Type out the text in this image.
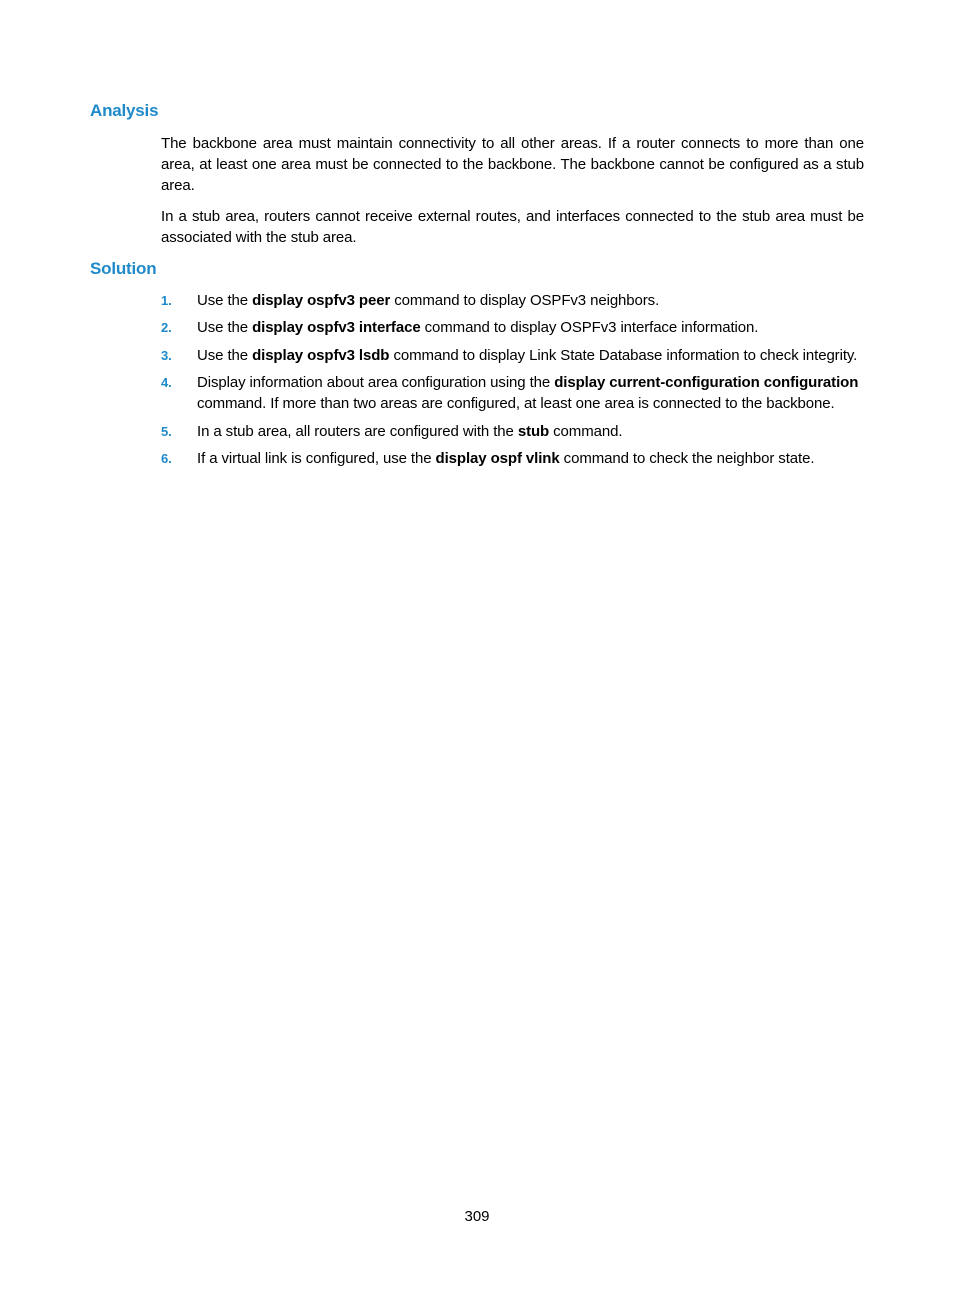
Analysis

The backbone area must maintain connectivity to all other areas. If a router connects to more than one area, at least one area must be connected to the backbone. The backbone cannot be configured as a stub area.

In a stub area, routers cannot receive external routes, and interfaces connected to the stub area must be associated with the stub area.

Solution
1. Use the display ospfv3 peer command to display OSPFv3 neighbors.
2. Use the display ospfv3 interface command to display OSPFv3 interface information.
3. Use the display ospfv3 lsdb command to display Link State Database information to check integrity.
4. Display information about area configuration using the display current-configuration configuration command. If more than two areas are configured, at least one area is connected to the backbone.
5. In a stub area, all routers are configured with the stub command.
6. If a virtual link is configured, use the display ospf vlink command to check the neighbor state.
309
